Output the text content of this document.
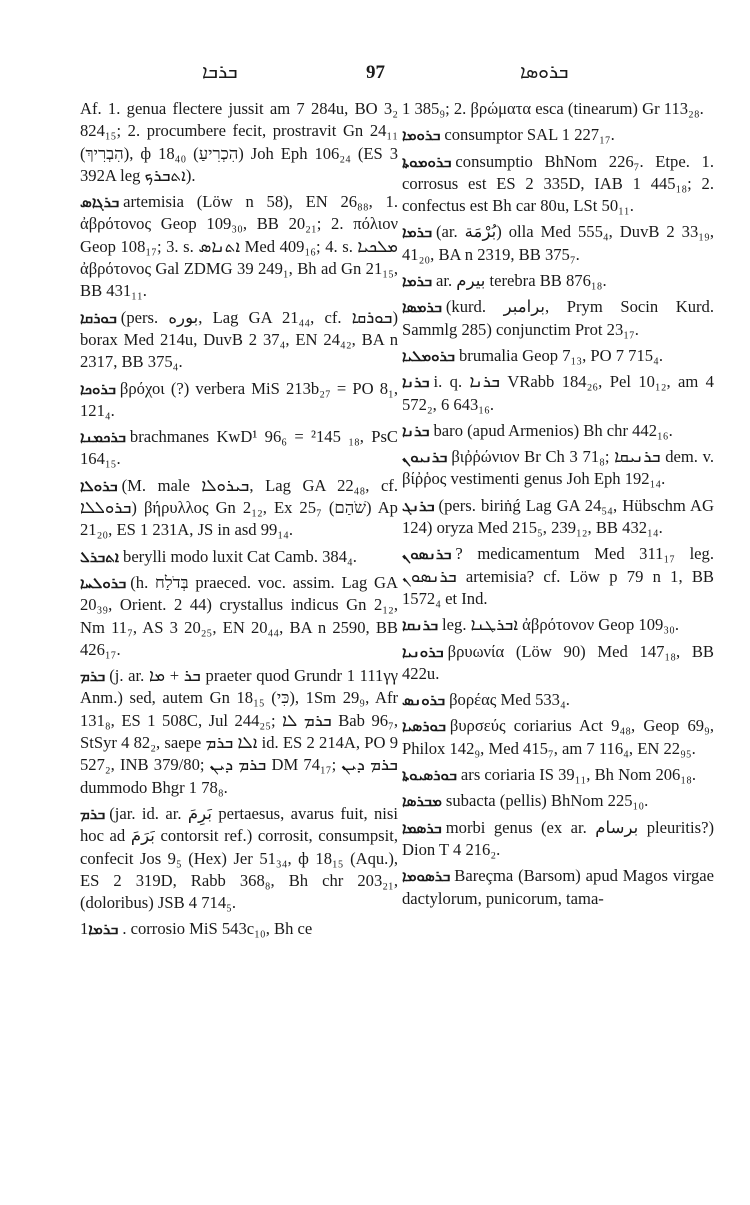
ܒܪܒܐ	97	ܒܪܘܣܐ

Af. 1. genua flectere jussit am 7 284u, BO 3₂ 824₁₅; 2. procumbere fecit, prostravit Gn 24₁₁ (הִבְרִיךְ), ф 18₄₀ (הִכְרִיעַ) Joh Eph 106₂₄ (ES 3 392A leg ܐܬܒܪܟ).

ܒܪܓܐܣ artemisia (Löw n 58), EN 26₈₈, 1. ἀβρότονος Geop 109₃₀, BB 20₂₁; 2. πόλιον Geop 108₁₇; 3. s. ܐܬܢܐܣ Med 409₁₆; 4. s. ܡܠܟܝܐ ἀβρότονος Gal ZDMG 39 249₁, Bh ad Gn 21₁₅, BB 431₁₁.

ܒܘܪܩܐ (pers. بوره, Lag GA 21₄₄, cf. ܒܘܪܩܐ) borax Med 214u, DuvB 2 37₄, EN 24₄₂, BA n 2317, BB 375₄.

ܒܪܘܟܐ βρόχοι (?) verbera MiS 213b₂₇ = PO 8₁, 121₄.

ܒܪܟܡܢܐ brachmanes KwD¹ 96₆ = ²145 ₁₈, PsC 164₁₅.

ܒܪܘܠܐ (M. male ܒܝܪܘܠܐ, Lag GA 22₄₈, cf. ܒܪܘܠܠܐ) βήρυλλος Gn 2₁₂, Ex 25₇ (שֹׁהַם) Ap 21₂₀, ES 1 231A, JS in asd 99₁₄.

ܐܬܒܪܠ berylli modo luxit Cat Camb. 384₄.

ܒܪܘܠܚܐ (h. בְּדֹלַח praeced. voc. assim. Lag GA 20₃₉, Orient. 2 44) crystallus indicus Gn 2₁₂, Nm 11₇, AS 3 20₂₅, EN 20₄₄, BA n 2590, BB 426₁₇.

ܒܪܡ (j. ar. ܒܪ + ܡܐ praeter quod Grundr 1 111γγ Anm.) sed, autem Gn 18₁₅ (כִּי), 1Sm 29₉, Afr 131₈, ES 1 508C, Jul 244₂₅; ܒܪܡ ܠܐ Bab 96₇, StSyr 4 82₂, saepe ܐܠܐ ܒܪܡ id. ES 2 214A, PO 9 527₂, INB 379/80; ܒܪܡ ܕܝܢ DM 74₁₇; ܒܪܡ ܕܝܢ dummodo Bhgr 1 78₈.

ܒܪܡ (jar. id. ar. بَرِمَ pertaesus, avarus fuit, nisi hoc ad بَرَمَ contorsit ref.) corrosit, consumpsit, confecit Jos 9₅ (Hex) Jer 51₃₄, ф 18₁₅ (Aqu.), ES 2 319D, Rabb 368₈, Bh chr 203₂₁, (doloribus) JSB 4 714₅.

ܒܪܡܐ1. corrosio MiS 543c₁₀, Bh ce

1 385₉; 2. βρώματα esca (tinearum) Gr 113₂₈.

ܒܪܘܡܐ consumptor SAL 1 227₁₇.

ܒܪܘܡܘܬܐ consumptio BhNom 226₇. Etpe. 1. corrosus est ES 2 335D, IAB 1 445₁₈; 2. confectus est Bh car 80u, LSt 50₁₁.

ܒܪܡܐ (ar. بُرْمَة) olla Med 555₄, DuvB 2 33₁₉, 41₂₀, BA n 2319, BB 375₇.

ܒܪܡܐ ar. بيرم terebra BB 876₁₈.

ܒܪܡܣܐ (kurd. برامبر, Prym Socin Kurd. Sammlg 285) conjunctim Prot 23₁₇.

ܒܪܘܡܠܝܐ brumalia Geop 7₁₃, PO 7 715₄.

ܒܪܢܐ i. q. ܒܪܢܐ VRabb 184₂₆, Pel 10₁₂, am 4 572₂, 6 643₁₆.

ܒܪܢܐ baro (apud Armenios) Bh chr 442₁₆.

ܒܪܢܝܘܢ βιῤῥώνιον Br Ch 3 71₈; ܒܪܢܝܩܐ dem. v. βίῤῥος vestimenti genus Joh Eph 192₁₄.

ܒܪܢܓ (pers. biriṅǵ Lag GA 24₅₄, Hübschm AG 124) oryza Med 215₅, 239₁₂, BB 432₁₄.

ܒܪܢܣܘܢ ? medicamentum Med 311₁₇ leg. ܒܪܢܣܘܢ artemisia? cf. Löw p 79 n 1, BB 1572₄ et Ind.

ܒܪܢܩܐ leg. ܐܒܪܛܢܐ ἀβρότονον Geop 109₃₀.

ܒܪܘܢܝܐ βρυωνία (Löw 90) Med 147₁₈, BB 422u.

ܒܪܘܢܣ βορέας Med 533₄.

ܒܘܪܣܝܐ βυρσεύς coriarius Act 9₄₈, Geop 69₉, Philox 142₉, Med 415₇, am 7 116₄, EN 22₉₅.

ܒܘܪܣܝܘܬܐ ars coriaria IS 39₁₁, Bh Nom 206₁₈.

ܡܒܪܣܐ subacta (pellis) BhNom 225₁₀.

ܒܪܣܡܐ morbi genus (ex ar. برسام pleuritis?) Dion T 4 216₂.

ܒܪܣܘܡܐ Bareçma (Barsom) apud Magos virgae dactylorum, punicorum, tama-
